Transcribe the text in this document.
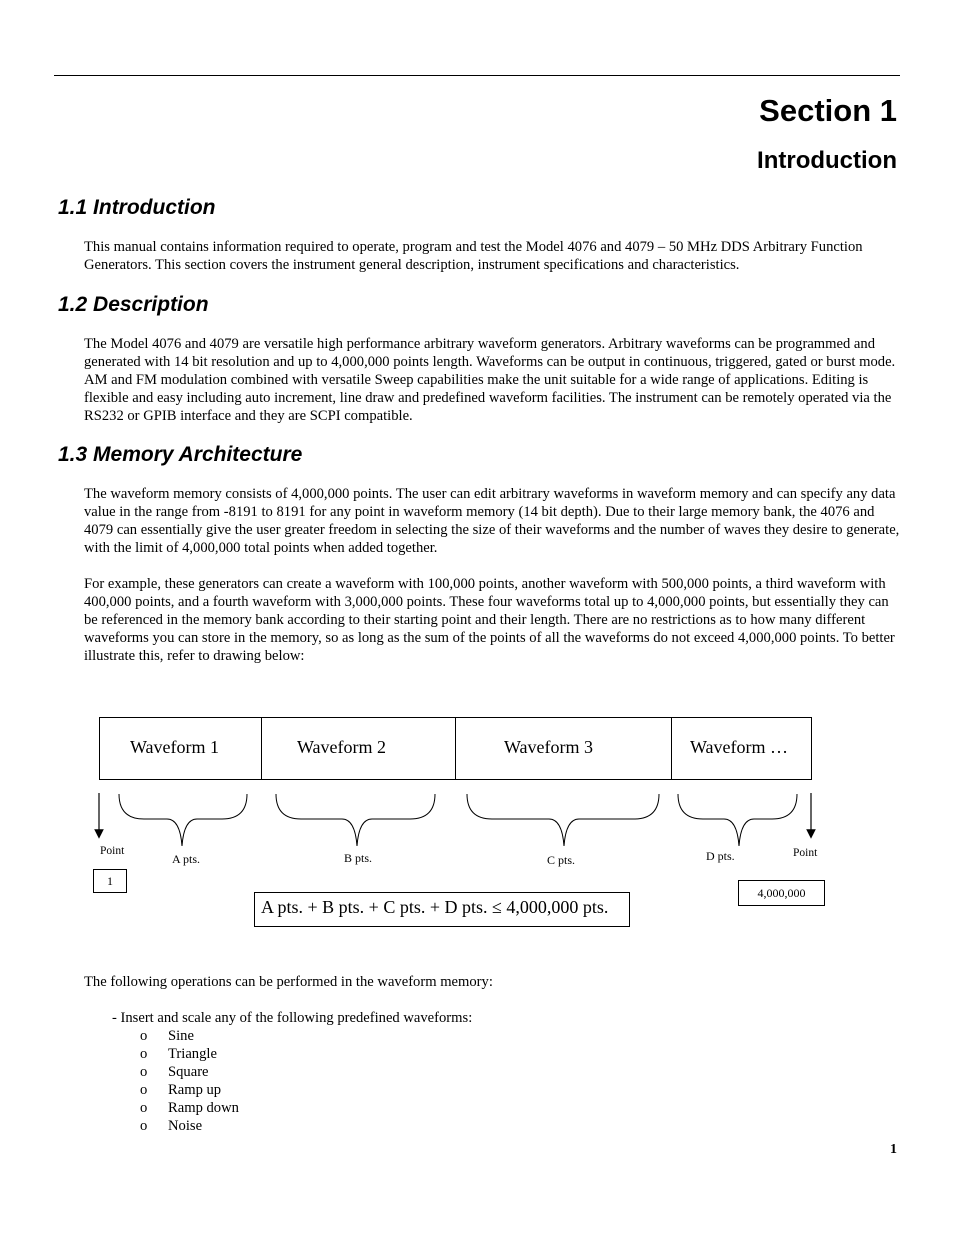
Section 1
Introduction
1.1 Introduction

This manual contains information required to operate, program and test the Model 4076 and 4079 – 50 MHz DDS Arbitrary Function Generators. This section covers the instrument general description, instrument specifications and characteristics.

1.2 Description

The Model 4076 and 4079 are versatile high performance arbitrary waveform generators. Arbitrary waveforms can be programmed and generated with 14 bit resolution and up to 4,000,000 points length. Waveforms can be output in continuous, triggered, gated or burst mode. AM and FM modulation combined with versatile Sweep capabilities make the unit suitable for a wide range of applications. Editing is flexible and easy including auto increment, line draw and predefined waveform facilities. The instrument can be remotely operated via the RS232 or GPIB interface and they are SCPI compatible.

1.3 Memory Architecture

The waveform memory consists of 4,000,000 points. The user can edit arbitrary waveforms in waveform memory and can specify any data value in the range from -8191 to 8191 for any point in waveform memory (14 bit depth). Due to their large memory bank, the 4076 and 4079 can essentially give the user greater freedom in selecting the size of their waveforms and the number of waves they desire to generate, with the limit of 4,000,000 total points when added together.

For example, these generators can create a waveform with 100,000 points, another waveform with 500,000 points, a third waveform with 400,000 points, and a fourth waveform with 3,000,000 points. These four waveforms total up to 4,000,000 points, but essentially they can be referenced in the memory bank according to their starting point and their length. There are no restrictions as to how many different waveforms you can store in the memory, so as long as the sum of the points of all the waveforms do not exceed 4,000,000 points. To better illustrate this, refer to drawing below:

Waveform 1	Waveform 2	Waveform 3	Waveform …
Point	Point
A pts.	B pts.	C pts.	D pts.
1
4,000,000
A pts. + B pts. + C pts. + D pts. ≤ 4,000,000 pts.

The following operations can be performed in the waveform memory:

- Insert and scale any of the following predefined waveforms:

o	Sine
o	Triangle
o	Square
o	Ramp up
o	Ramp down
o	Noise
1
